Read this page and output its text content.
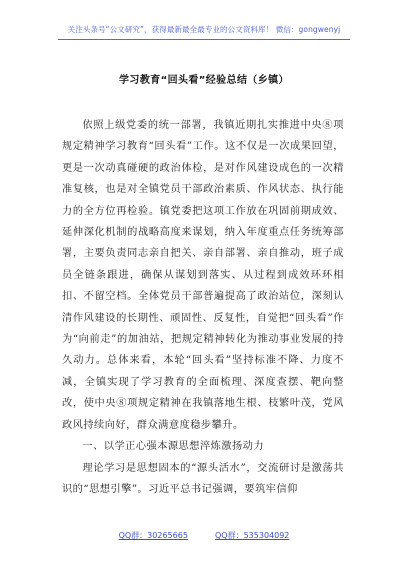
关注头条号“公文研究”，获得最新最全最专业的公文资料库！ 微信：gongwenyj
学习教育“回头看”经验总结（乡镇）

依照上级党委的统一部署，我镇近期扎实推进中央⑧项规定精神学习教育“回头看”工作。这不仅是一次成果回望，更是一次动真碰硬的政治体检，是对作风建设成色的一次精准复核，也是对全镇党员干部政治素质、作风状态、执行能力的全方位再检验。镇党委把这项工作放在巩固前期成效、延伸深化机制的战略高度来谋划，纳入年度重点任务统筹部署，主要负责同志亲自把关、亲自部署、亲自推动，班子成员全链条跟进，确保从谋划到落实、从过程到成效环环相扣、不留空档。全体党员干部普遍提高了政治站位，深刻认清作风建设的长期性、顽固性、反复性，自觉把“回头看”作为“向前走”的加油站，把规定精神转化为推动事业发展的持久动力。总体来看，本轮“回头看”坚持标准不降、力度不减，全镇实现了学习教育的全面梳理、深度查摆、靶向整改，使中央⑧项规定精神在我镇落地生根、枝繁叶茂，党风政风持续向好，群众满意度稳步攀升。

一、以学正心强本源思想淬炼激扬动力

理论学习是思想固本的“源头活水”，交流研讨是激荡共识的“思想引擎”。习近平总书记强调，要筑牢信仰

QQ群：30265665	QQ群：535304092
